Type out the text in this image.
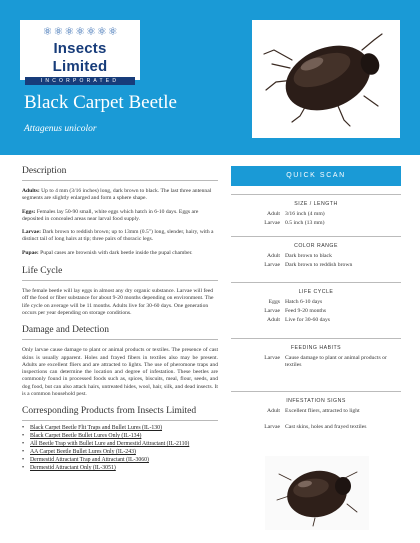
⚛ ⚛ ⚛ ⚛ ⚛ ⚛ ⚛
Insects Limited
INCORPORATED
Black Carpet Beetle
Attagenus unicolor
Description

Adults: Up to 4 mm (3/16 inches) long, dark brown to black. The last three antennal segments are slightly enlarged and form a sphere shape.

Eggs: Females lay 50-90 small, white eggs which hatch in 6-10 days. Eggs are deposited in concealed areas near larval food supply.

Larvae: Dark brown to reddish brown; up to 13mm (0.5") long, slender, hairy, with a distinct tail of long hairs at tip; three pairs of thoracic legs.

Pupae: Pupal cases are brownish with dark beetle inside the pupal chamber.

Life Cycle

The female beetle will lay eggs in almost any dry organic substance. Larvae will feed off the food or fiber substance for about 9-20 months depending on environment. The life cycle on average will be 11 months. Adults live for 30-60 days. One generation occurs per year depending on storage conditions.

Damage and Detection

Only larvae cause damage to plant or animal products or textiles. The presence of cast skins is usually apparent. Holes and frayed fibers in textiles also may be present. Adults are excellent fliers and are attracted to lights. The use of pheromone traps and inspections can determine the location and degree of infestation. These beetles are commonly found in processed foods such as, spices, biscuits, meal, flour, seeds, and dog food, but can also attack hairs, untreated hides, wool, hair, silk, and dead insects. It is a common household pest.

Corresponding Products from Insects Limited
• Black Carpet Beetle Flit Traps and Bullet Lures (IL-130)
• Black Carpet Beetle Bullet Lures Only (IL-134)
• All Beetle Trap with Bullet Lure and Dermestid Attractant (IL-2110)
• AA Carpet Beetle Bullet Lures Only (IL-243)
• Dermestid Attractant Trap and Attractant (IL-3060)
• Dermestid Attractant Only (IL-3051)
QUICK SCAN
SIZE / LENGTH
Adult 3/16 inch (4 mm)
Larvae 0.5 inch (13 mm)
COLOR RANGE
Adult Dark brown to black
Larvae Dark brown to reddish brown
LIFE CYCLE
Eggs Hatch 6-10 days
Larvae Feed 9-20 months
Adult Live for 30-60 days
FEEDING HABITS
Larvae Cause damage to plant or animal products or textiles
INFESTATION SIGNS
Adult Excellent fliers, attracted to light
Larvae Cast skins, holes and frayed textiles
